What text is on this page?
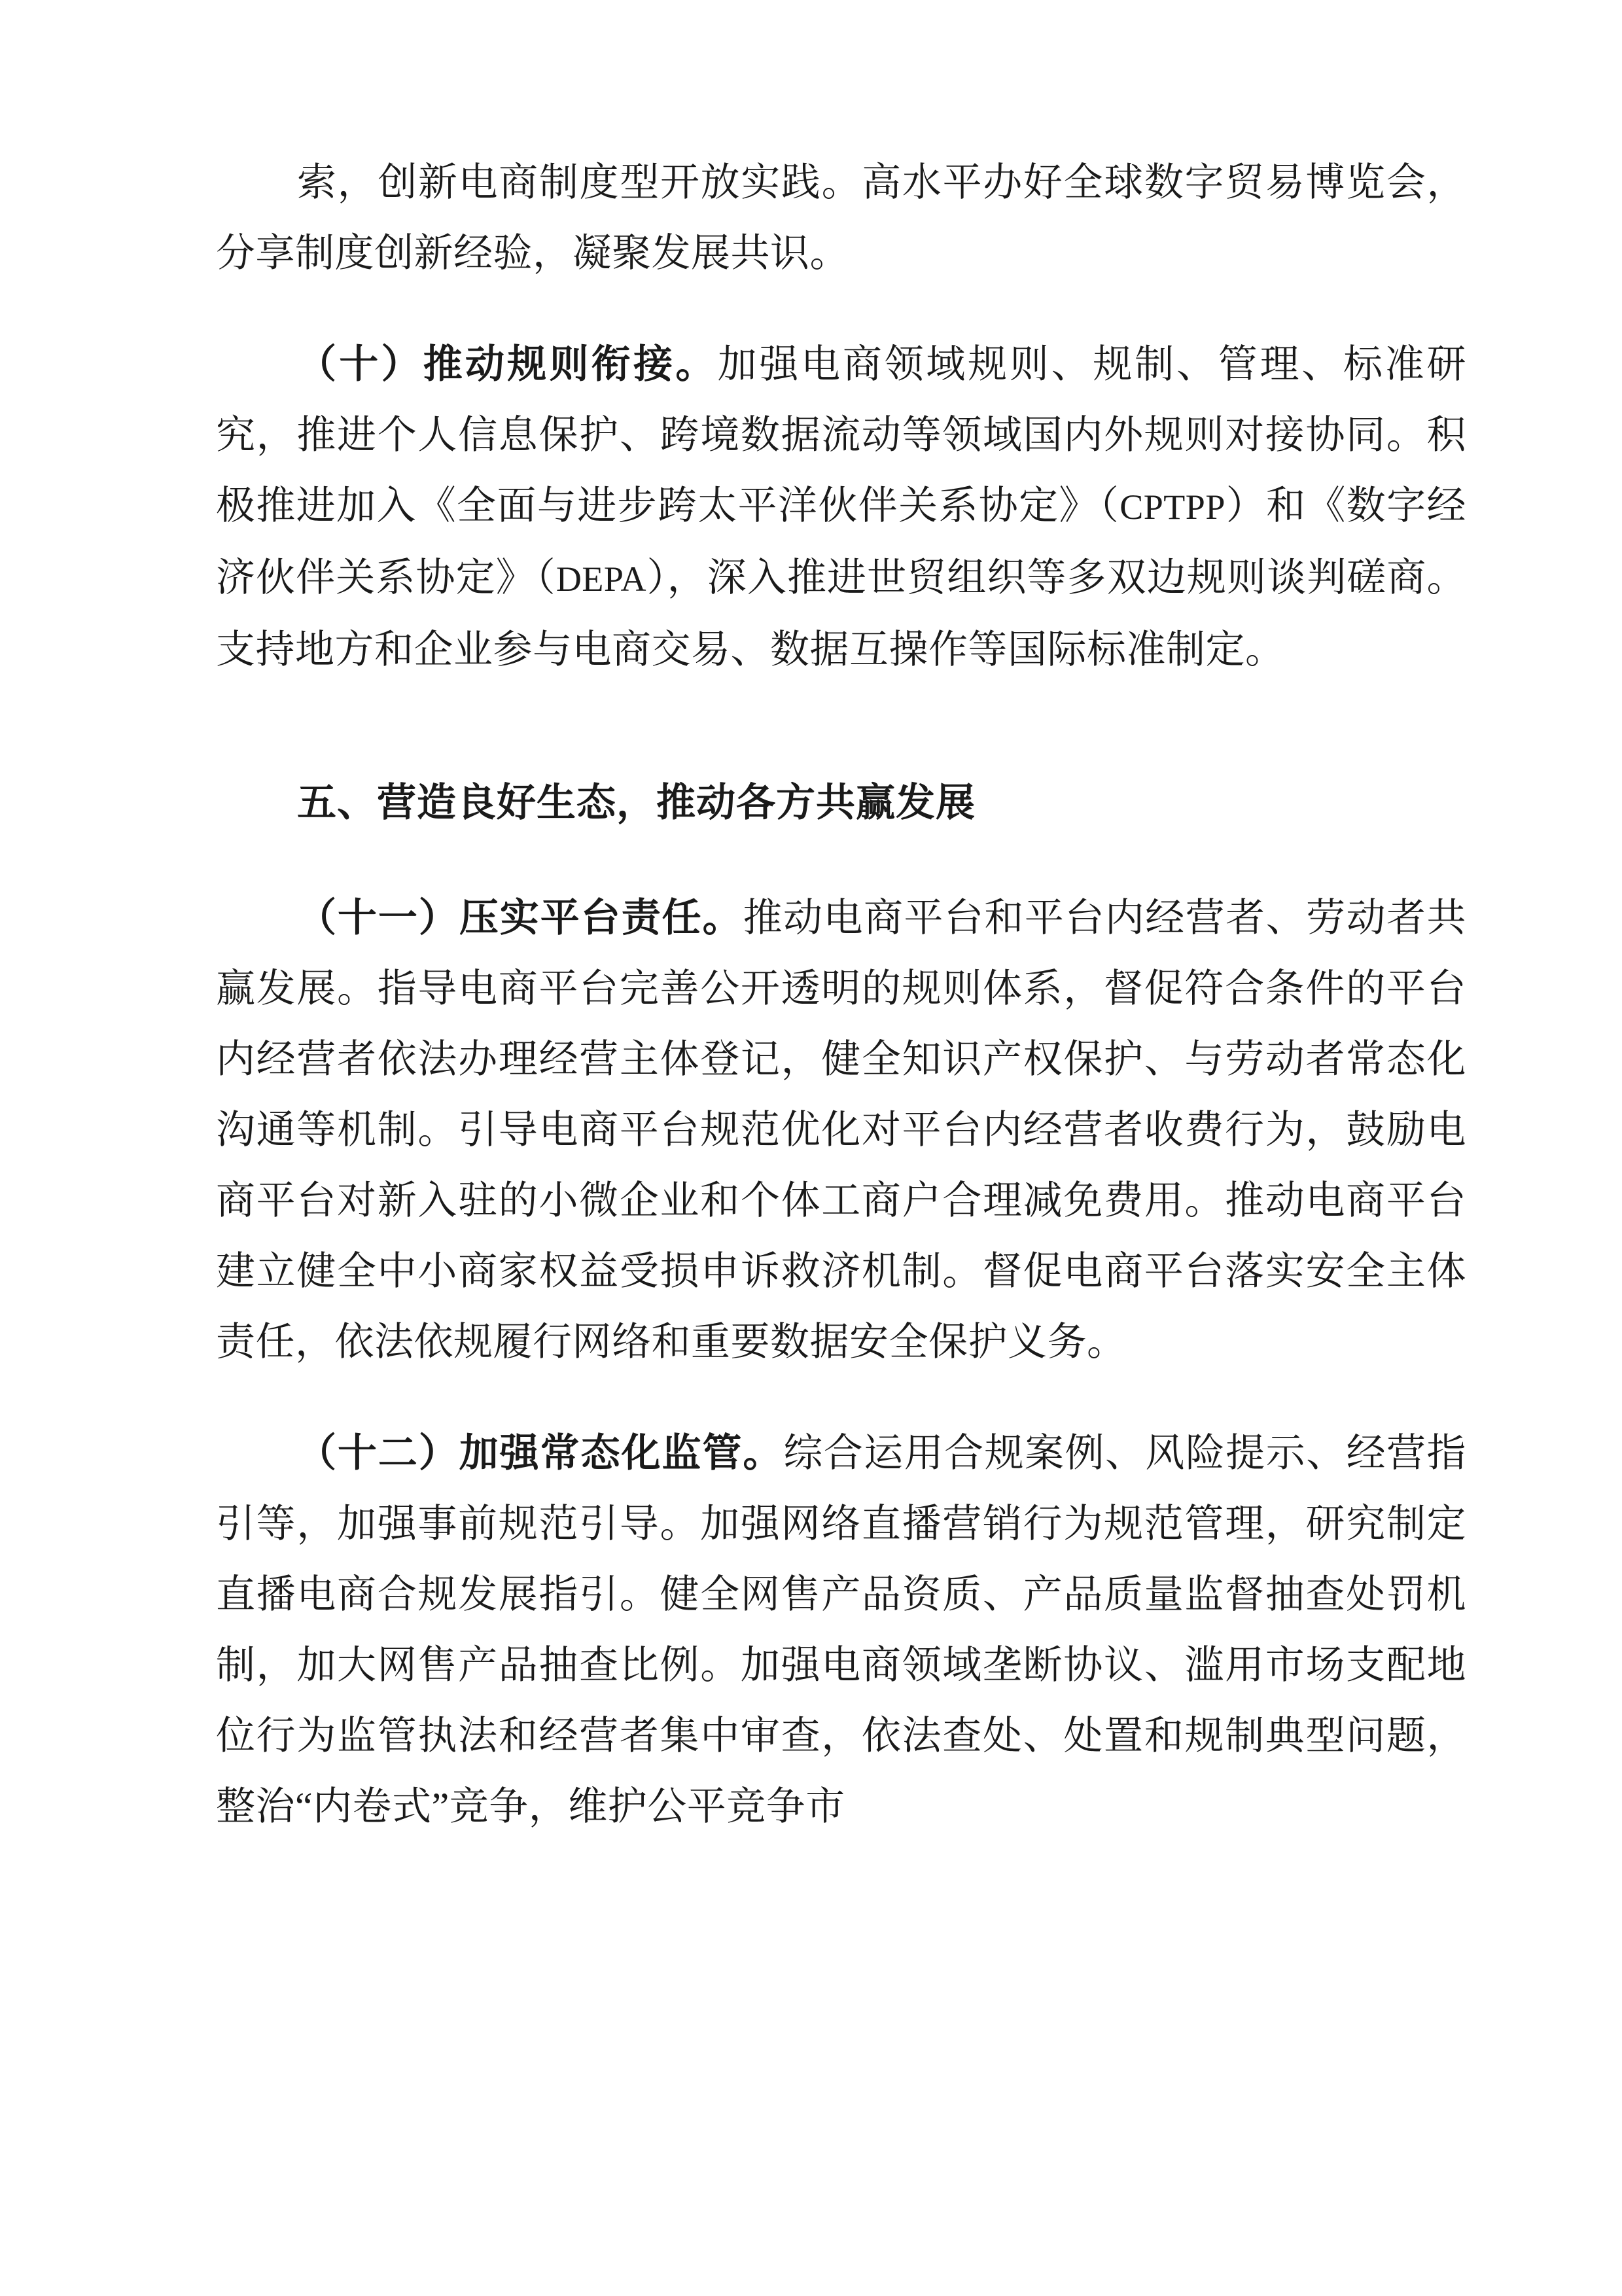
索，创新电商制度型开放实践。高水平办好全球数字贸易博览会，分享制度创新经验，凝聚发展共识。

（十）推动规则衔接。加强电商领域规则、规制、管理、标准研究，推进个人信息保护、跨境数据流动等领域国内外规则对接协同。积极推进加入《全面与进步跨太平洋伙伴关系协定》（CPTPP）和《数字经济伙伴关系协定》（DEPA），深入推进世贸组织等多双边规则谈判磋商。支持地方和企业参与电商交易、数据互操作等国际标准制定。

五、营造良好生态，推动各方共赢发展

（十一）压实平台责任。推动电商平台和平台内经营者、劳动者共赢发展。指导电商平台完善公开透明的规则体系，督促符合条件的平台内经营者依法办理经营主体登记，健全知识产权保护、与劳动者常态化沟通等机制。引导电商平台规范优化对平台内经营者收费行为，鼓励电商平台对新入驻的小微企业和个体工商户合理减免费用。推动电商平台建立健全中小商家权益受损申诉救济机制。督促电商平台落实安全主体责任，依法依规履行网络和重要数据安全保护义务。

（十二）加强常态化监管。综合运用合规案例、风险提示、经营指引等，加强事前规范引导。加强网络直播营销行为规范管理，研究制定直播电商合规发展指引。健全网售产品资质、产品质量监督抽查处罚机制，加大网售产品抽查比例。加强电商领域垄断协议、滥用市场支配地位行为监管执法和经营者集中审查，依法查处、处置和规制典型问题，整治“内卷式”竞争，维护公平竞争市
